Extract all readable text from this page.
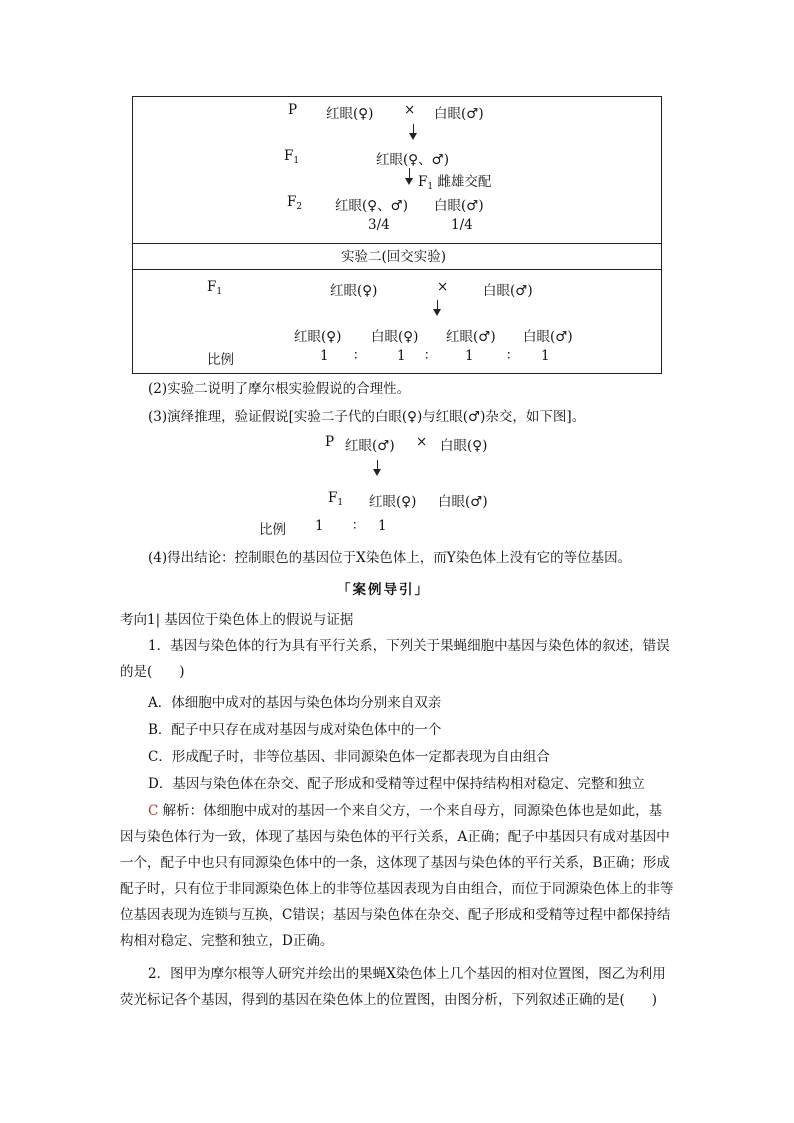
P 红眼(♀) × 白眼(♂)
$F_1$	红眼(♀、♂)
$F_1$ 雌雄交配
$F_2$ 红眼(♀、♂) 白眼(♂)
3/4	1/4
实验二(回交实验)
$F_1$	红眼(♀)	×	白眼(♂)
红眼(♀) 白眼(♀) 红眼(♂) 白眼(♂)
比例	1 ∶	1 ∶	1 ∶ 1
(2)实验二说明了摩尔根实验假说的合理性。
(3)演绎推理，验证假说[实验二子代的白眼(♀)与红眼(♂)杂交，如下图]。
P 红眼(♂) × 白眼(♀)
$F_1$ 红眼(♀) 白眼(♂)
比例 1 ∶ 1
(4)得出结论：控制眼色的基因位于X染色体上，而Y染色体上没有它的等位基因。
「案例导引」
考向1| 基因位于染色体上的假说与证据
1．基因与染色体的行为具有平行关系，下列关于果蝇细胞中基因与染色体的叙述，错误的是(　　)
A．体细胞中成对的基因与染色体均分别来自双亲
B．配子中只存在成对基因与成对染色体中的一个
C．形成配子时，非等位基因、非同源染色体一定都表现为自由组合
D．基因与染色体在杂交、配子形成和受精等过程中保持结构相对稳定、完整和独立
C 解析：体细胞中成对的基因一个来自父方，一个来自母方，同源染色体也是如此，基因与染色体行为一致，体现了基因与染色体的平行关系，A正确；配子中基因只有成对基因中一个，配子中也只有同源染色体中的一条，这体现了基因与染色体的平行关系，B正确；形成配子时，只有位于非同源染色体上的非等位基因表现为自由组合，而位于同源染色体上的非等位基因表现为连锁与互换，C错误；基因与染色体在杂交、配子形成和受精等过程中都保持结构相对稳定、完整和独立，D正确。
2．图甲为摩尔根等人研究并绘出的果蝇X染色体上几个基因的相对位置图，图乙为利用荧光标记各个基因，得到的基因在染色体上的位置图，由图分析，下列叙述正确的是(　　)
